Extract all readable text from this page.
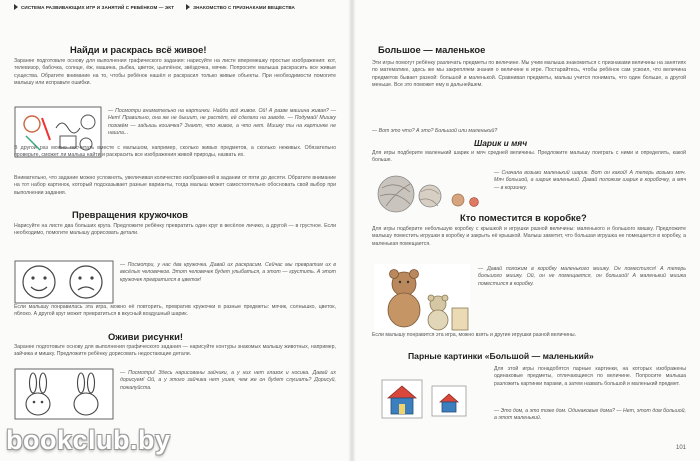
СИСТЕМА РАЗВИВАЮЩИХ ИГР И ЗАНЯТИЙ С РЕБЁНКОМ — ЭКТ	ЗНАКОМСТВО С ПРИЗНАКАМИ ВЕЩЕСТВА
Найди и раскрась всё живое!
Заранее подготовьте основу для выполнения графического задания: нарисуйте на листе вперемешку простые изображения: кот, телевизор, бабочка, солнце, ёж, машина, рыбка, цветок, цыплёнок, звёздочка, мячик. Попросите малыша раскрасить все живые существа. Обратите внимание на то, чтобы ребёнок нашёл и раскрасил только живые объекты. При необходимости помогите малышу или исправьте ошибки.
— Посмотри внимательно на картинки. Найди всё живое. Ой! А разве машина живая? — Нет! Правильно, она же не дышит, не растёт, её сделали на заводе. — Подумай! Мишку позовём — задышь кошечка? Знают, что живое, а что нет. Мишку ты на картинке не нашла...
В другой раз можно посчитать вместе с малышом, например, сколько живых предметов, а сколько неживых. Обязательно проверьте, сможет ли малыш найти и раскрасить все изображения живой природы, назвать их.
Внимательно, что задание можно усложнять, увеличивая количество изображений в задании от пяти до десяти. Обратите внимание на тот набор картинок, который подсказывает разные варианты, тогда малыш может самостоятельно обосновать свой выбор при выполнении задания.
Превращения кружочков
Нарисуйте на листе два больших круга. Предложите ребёнку превратить один круг в весёлое личико, а другой — в грустное. Если необходимо, помогите малышу дорисовать детали.
— Посмотри, у нас два кружочка. Давай их раскрасим. Сейчас мы превратим их в весёлых человечков. Этот человечек будет улыбаться, а этот — грустить. А этот кружочек превратился в цветок!
Если малышу понравилась эта игра, можно её повторить, превратив кружочки в разные предметы: мячик, солнышко, цветок, яблоко. А другой круг может превратиться в вкусный воздушный шарик.
Оживи рисунки!
Заранее подготовьте основу для выполнения графического задания — нарисуйте контуры знакомых малышу животных, например, зайчика и мишку. Предложите ребёнку дорисовать недостающие детали.
— Посмотри! Здесь нарисованы зайчики, а у них нет глазок и носика. Давай их дорисуем! Ой, а у этого зайчика нет ушек, чем же он будет слушать? Дорисуй, пожалуйста.
Большое — маленькое
Эти игры помогут ребёнку различать предметы по величине. Мы учим малыша знакомиться с признаками величины на занятиях по математике, здесь же мы закрепляем знания о величине в игре. Постарайтесь, чтобы ребёнок сам усвоил, что величина предметов бывает разной: большой и маленькой. Сравнивая предметы, малыш учится понимать, что один больше, а другой меньше. Все это поможет ему в дальнейшем.
— Вот это что? А это? Большой или маленький?
Шарик и мяч
Для игры подберите маленький шарик и мяч средней величины. Предложите малышу поиграть с ними и определить, какой больше.
— Сначала возьми маленький шарик. Вот он какой! А теперь возьми мяч. Мяч большой, а шарик маленький. Давай положим шарик в коробочку, а мяч — в корзинку.
Кто поместится в коробке?
Для игры подберите небольшую коробку с крышкой и игрушки разной величины: маленького и большого мишку. Предложите малышу поместить игрушки в коробку и закрыть её крышкой. Малыш заметит, что большая игрушка не помещается в коробку, а маленькая помещается.
— Давай положим в коробку маленького мишку. Он поместился! А теперь большого мишку. Ой, он не помещается, он большой! А маленький мишка поместился в коробку.
Если малышу понравится эта игра, можно взять и другие игрушки разной величины.
Парные картинки «Большой — маленький»
Для этой игры понадобятся парные картинки, на которых изображены одинаковые предметы, отличающиеся по величине. Попросите малыша разложить картинки парами, а затем назвать большой и маленький предмет.
— Это дом, а это тоже дом. Одинаковые дома? — Нет, этот дом большой, а этот маленький.
101
bookclub.by
